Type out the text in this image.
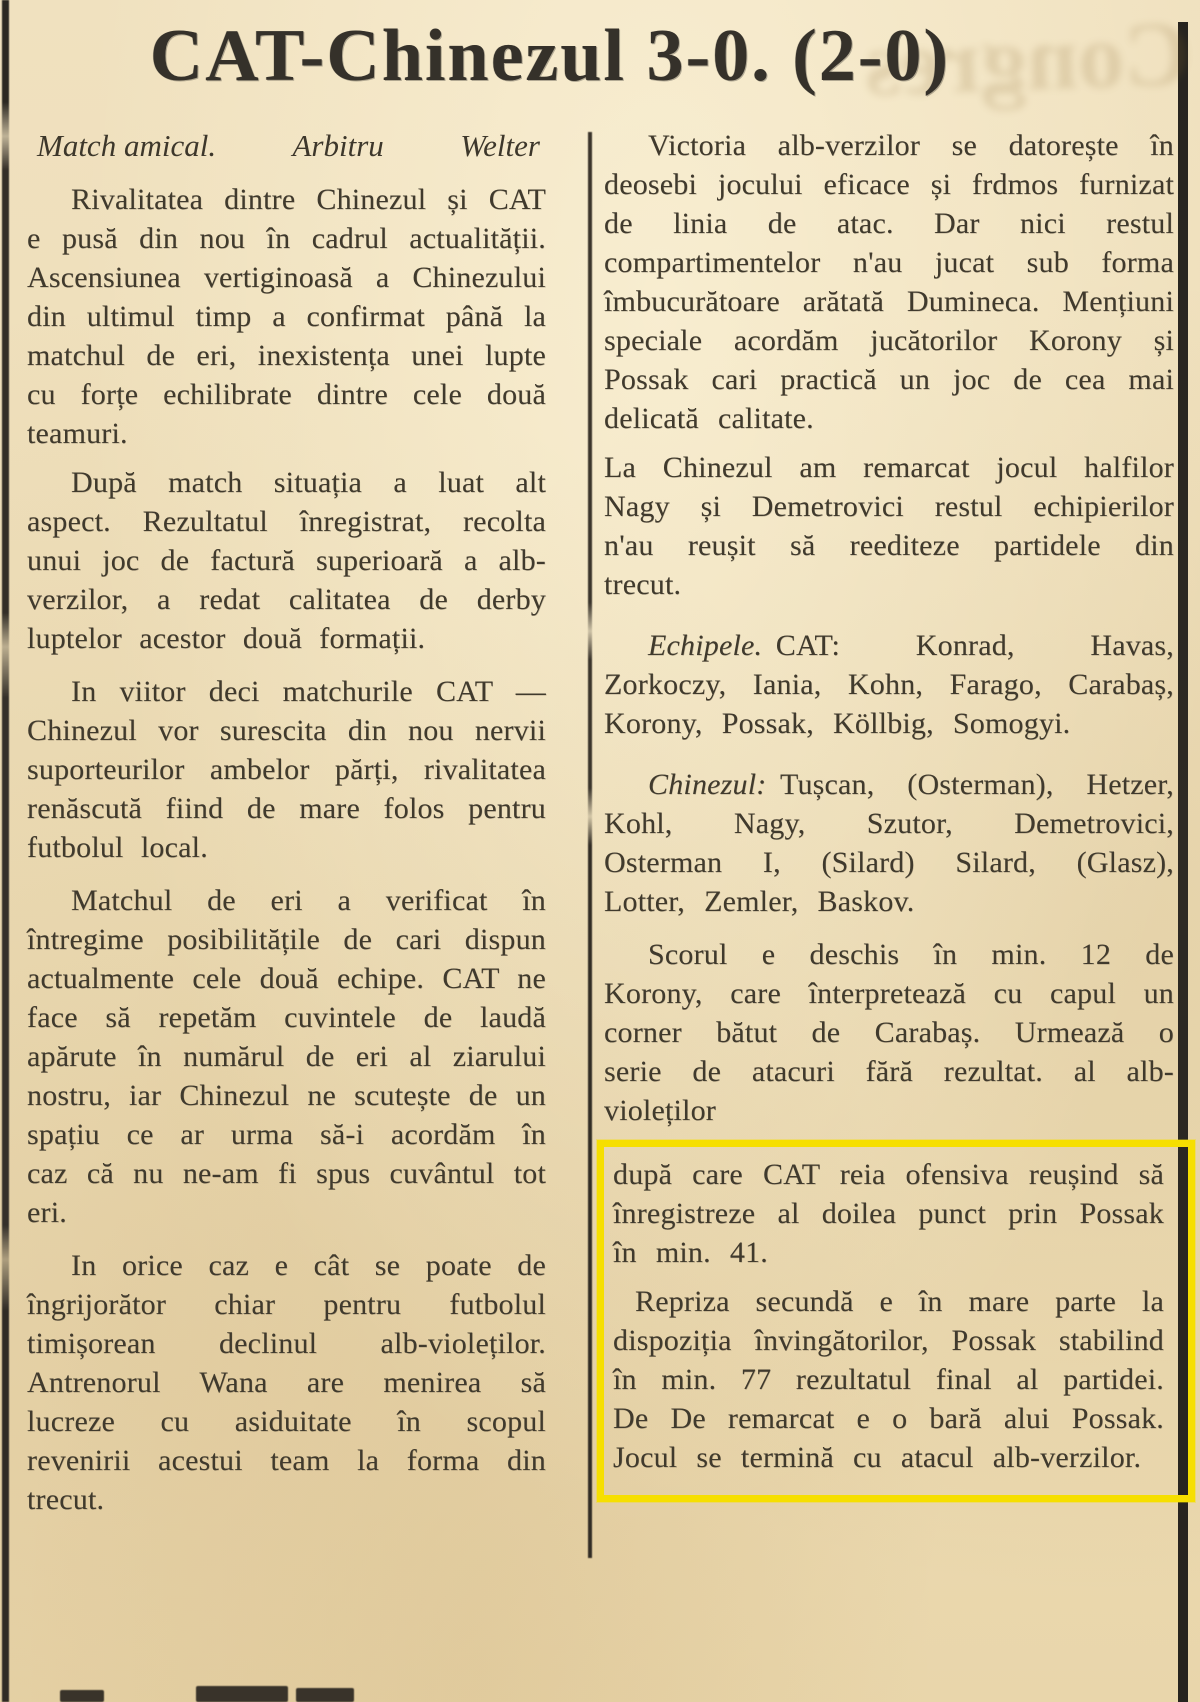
Congres
CAT-Chinezul 3-0. (2-0)
Match amical. Arbitru Welter

Rivalitatea dintre Chinezul și CAT e pusă din nou în cadrul actualității. Ascensiunea vertiginoasă a Chinezului din ultimul timp a confirmat până la matchul de eri, inexistența unei lupte cu forțe echilibrate dintre cele două teamuri.

După match situația a luat alt aspect. Rezultatul înregistrat, recolta unui joc de factură superioară a alb-verzilor, a redat calitatea de derby luptelor acestor două formații.

In viitor deci matchurile CAT —Chinezul vor surescita din nou nervii suporteurilor ambelor părți, rivalitatea renăscută fiind de mare folos pentru futbolul local.

Matchul de eri a verificat în întregime posibilitățile de cari dispun actualmente cele două echipe. CAT ne face să repetăm cuvintele de laudă apărute în numărul de eri al ziarului nostru, iar Chinezul ne scutește de un spațiu ce ar urma să-i acordăm în caz că nu ne-am fi spus cuvântul tot eri.

In orice caz e cât se poate de îngrijorător chiar pentru futbolul timișorean declinul alb-violeților. Antrenorul Wana are menirea să lucreze cu asiduitate în scopul revenirii acestui team la forma din trecut.

Victoria alb-verzilor se datorește în deosebi jocului eficace și frdmos furnizat de linia de atac. Dar nici restul compartimentelor n'au jucat sub forma îmbucurătoare arătată Dumineca. Mențiuni speciale acordăm jucătorilor Korony și Possak cari practică un joc de cea mai delicată calitate.

La Chinezul am remarcat jocul halfilor Nagy și Demetrovici restul echipierilor n'au reușit să reediteze partidele din trecut.

Echipele. CAT: Konrad, Havas, Zorkoczy, Iania, Kohn, Farago, Carabaș, Korony, Possak, Köllbig, Somogyi.

Chinezul: Tușcan, (Osterman), Hetzer, Kohl, Nagy, Szutor, Demetrovici, Osterman I, (Silard) Silard, (Glasz), Lotter, Zemler, Baskov.

Scorul e deschis în min. 12 de Korony, care înterpretează cu capul un corner bătut de Carabaș. Urmează o serie de atacuri fără rezultat. al alb-violeților

după care CAT reia ofensiva reușind să înregistreze al doilea punct prin Possak în min. 41.

Repriza secundă e în mare parte la dispoziția învingătorilor, Possak stabilind în min. 77 rezultatul final al partidei. De De remarcat e o bară alui Possak. Jocul se termină cu atacul alb-verzilor.
